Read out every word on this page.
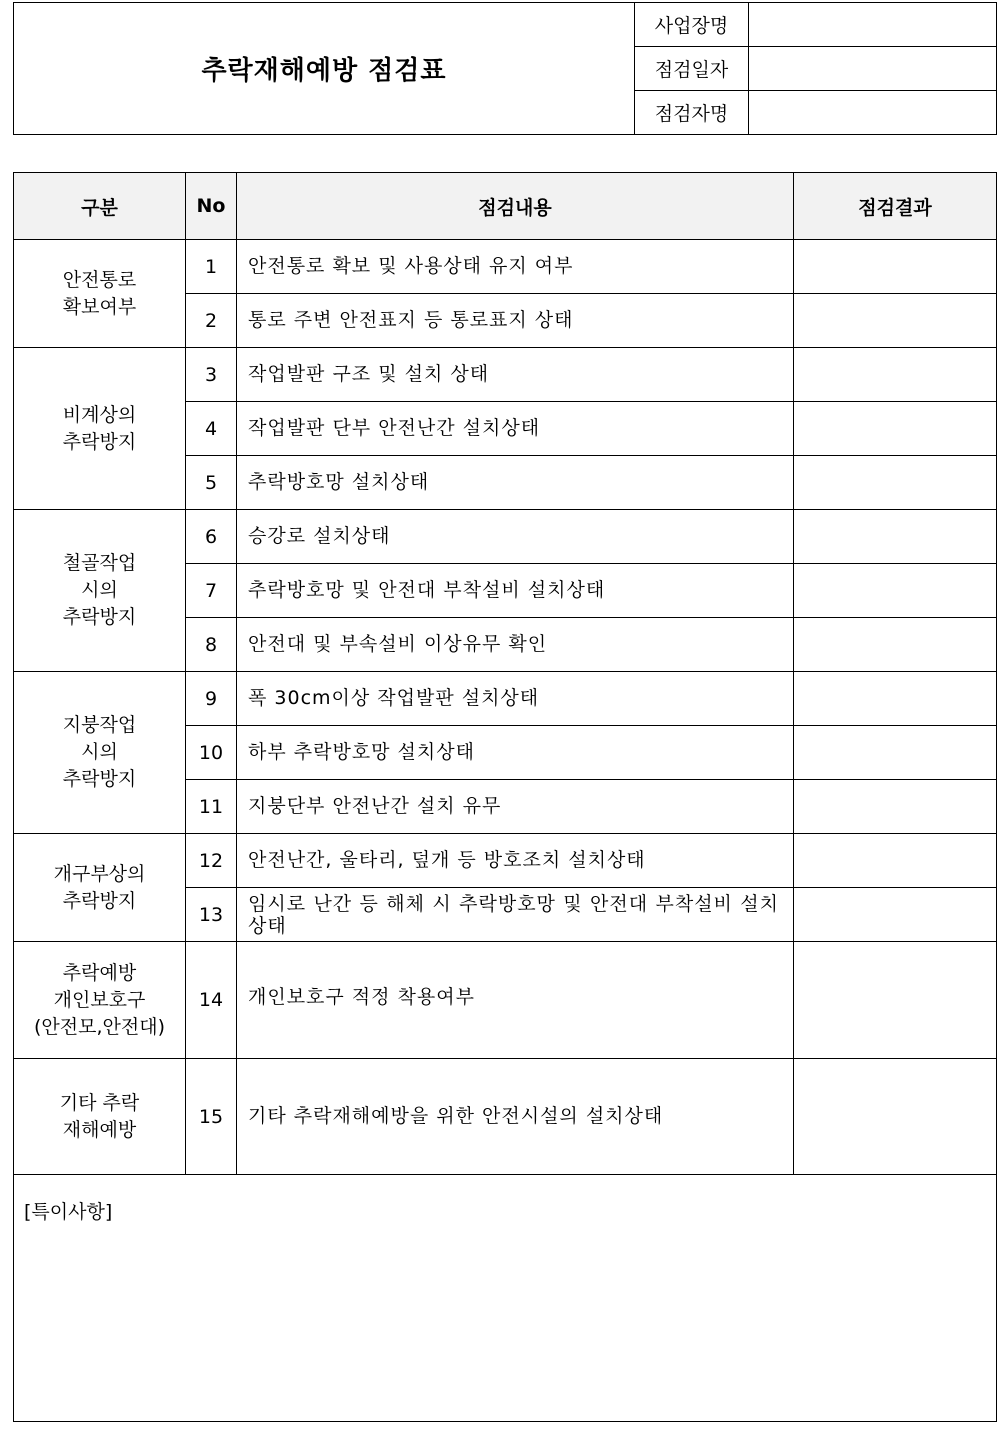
추락재해예방 점검표	사업장명	
	점검일자	
	점검자명	
구분	No	점검내용	점검결과
안전통로
확보여부	1	안전통로 확보 및 사용상태 유지 여부	
	2	통로 주변 안전표지 등 통로표지 상태	
비계상의
추락방지	3	작업발판 구조 및 설치 상태	
	4	작업발판 단부 안전난간 설치상태	
	5	추락방호망 설치상태	
철골작업
시의
추락방지	6	승강로 설치상태	
	7	추락방호망 및 안전대 부착설비 설치상태	
	8	안전대 및 부속설비 이상유무 확인	
지붕작업
시의
추락방지	9	폭 30cm이상 작업발판 설치상태	
	10	하부 추락방호망 설치상태	
	11	지붕단부 안전난간 설치 유무	
개구부상의
추락방지	12	안전난간, 울타리, 덮개 등 방호조치 설치상태	
	13	임시로 난간 등 해체 시 추락방호망 및 안전대 부착설비 설치상태	
추락예방
개인보호구
(안전모,안전대)	14	개인보호구 적정 착용여부	
기타 추락
재해예방	15	기타 추락재해예방을 위한 안전시설의 설치상태	

[특이사항]			
